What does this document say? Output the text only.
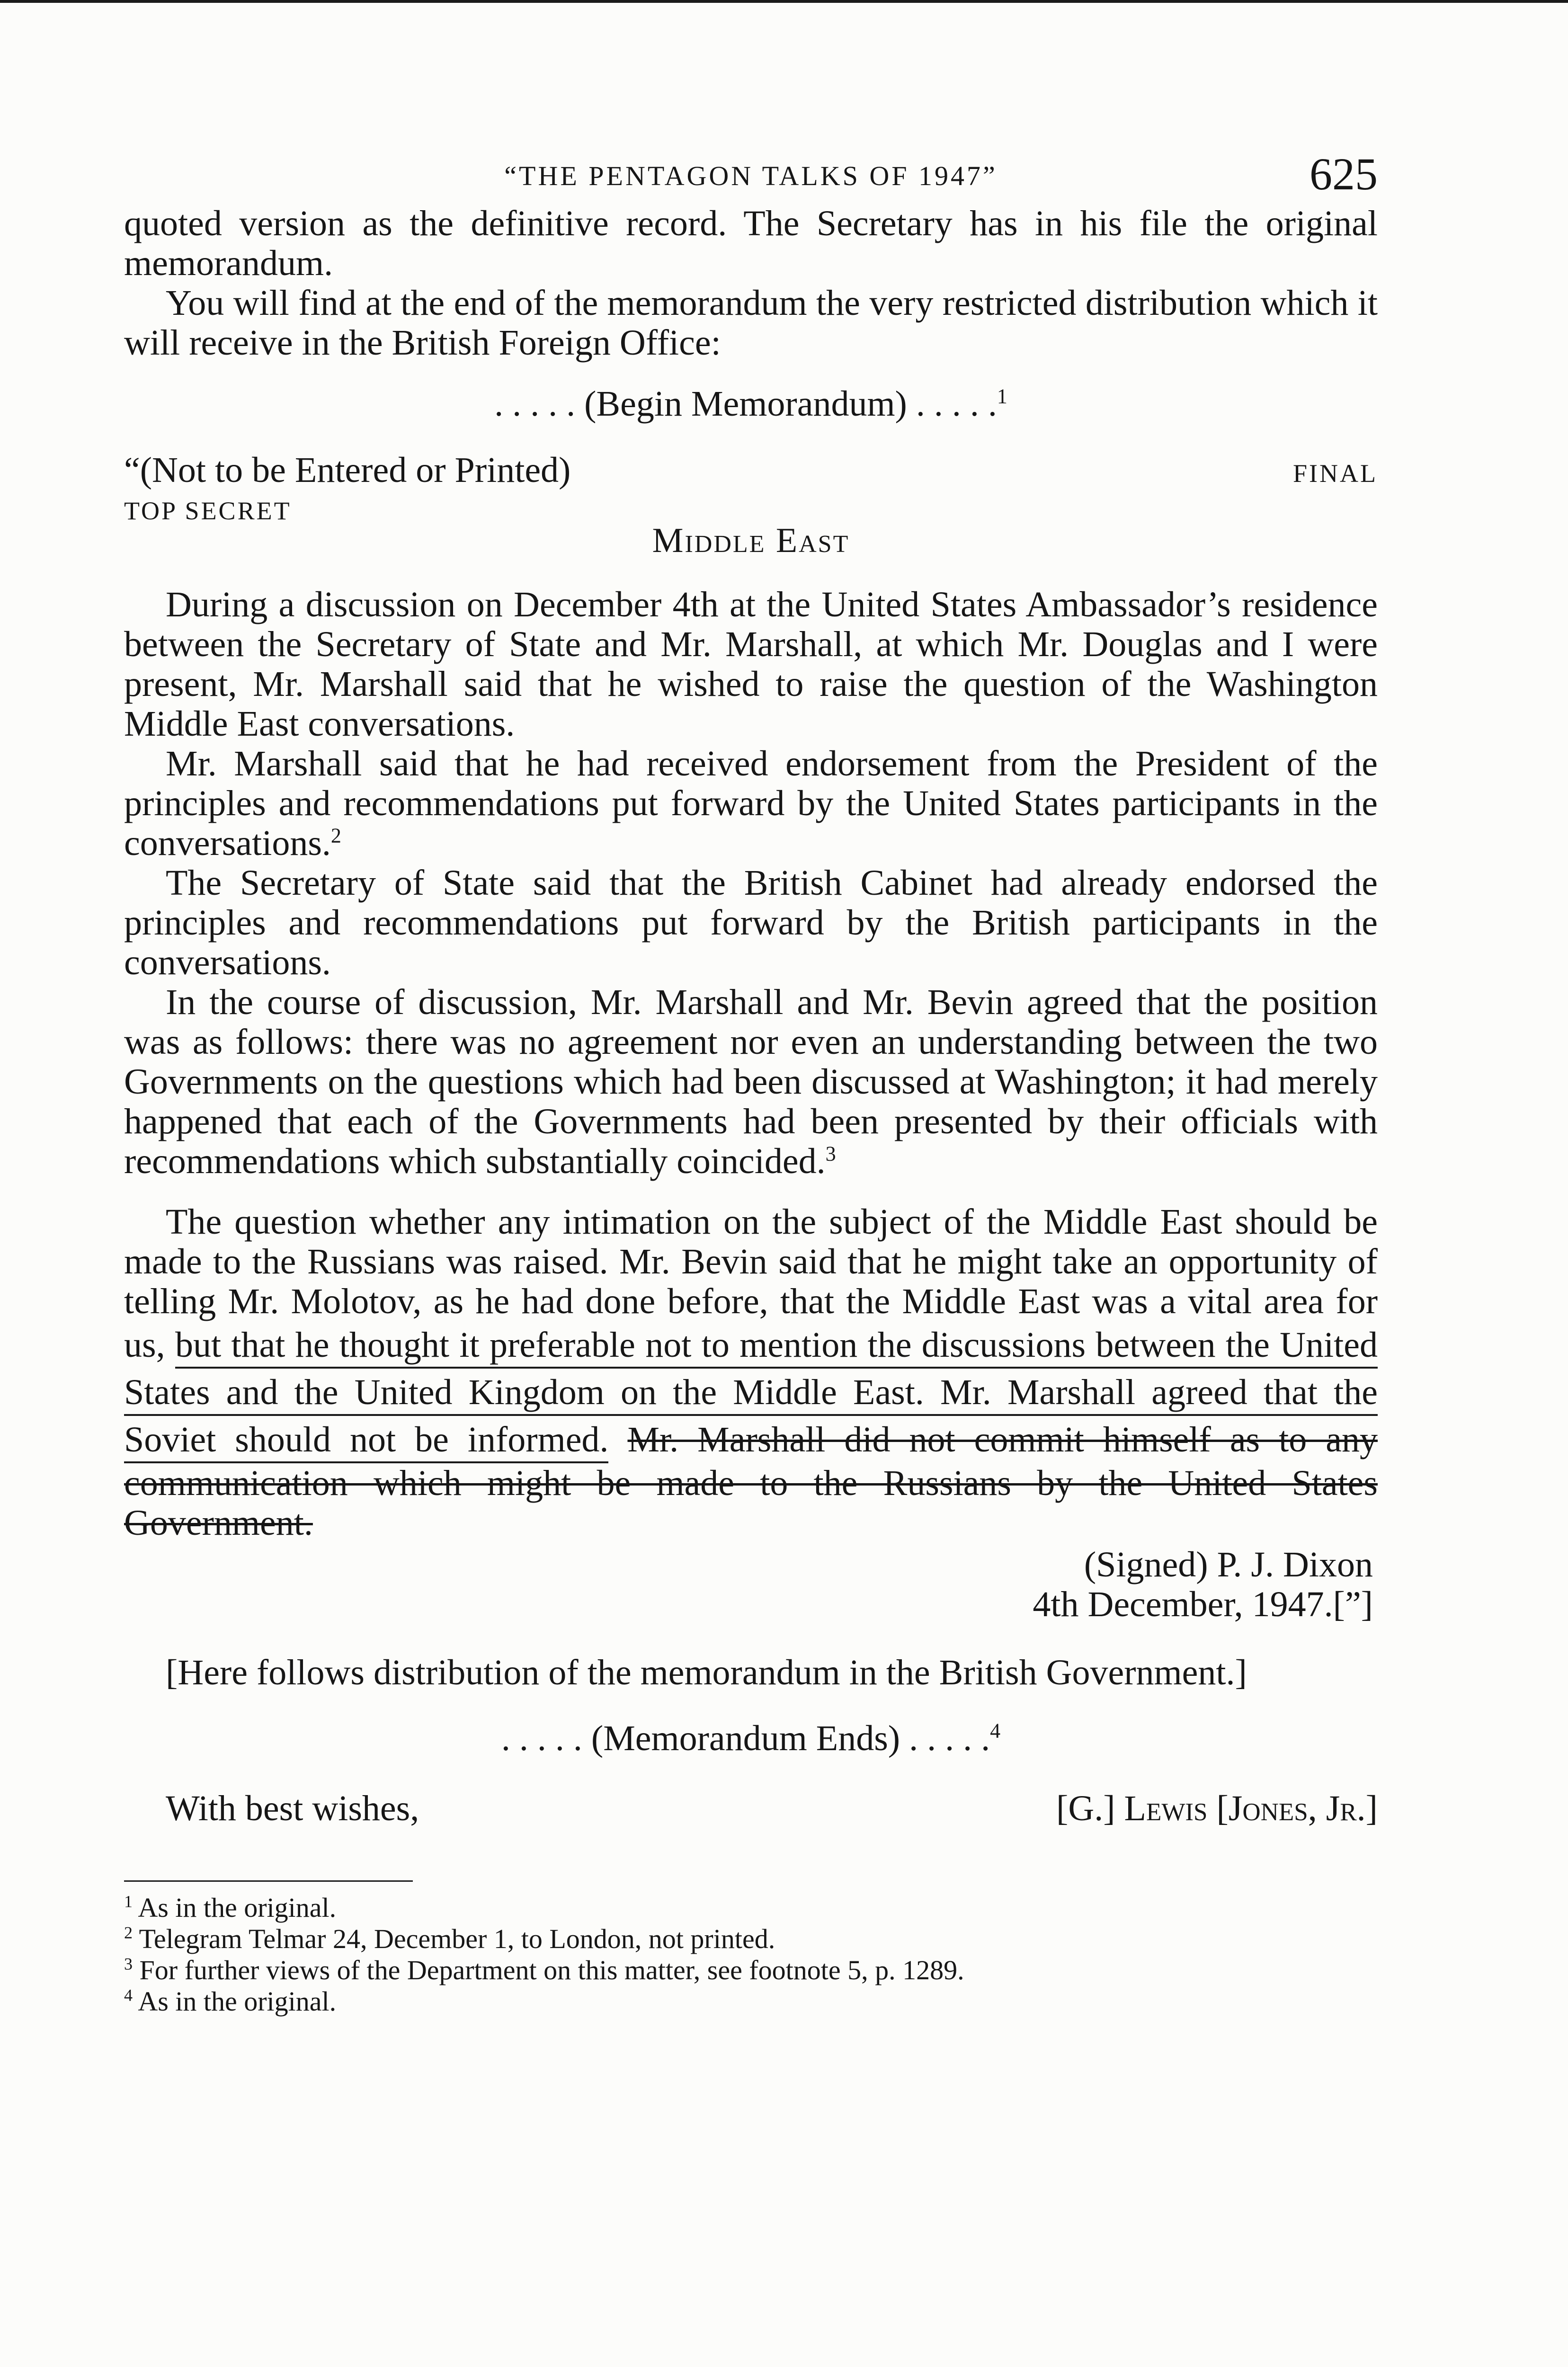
“THE PENTAGON TALKS OF 1947”	625

quoted version as the definitive record. The Secretary has in his file the original memorandum.

You will find at the end of the memorandum the very restricted distribution which it will receive in the British Foreign Office:

. . . . . (Begin Memorandum) . . . . .$^1$
“(Not to be Entered or Printed)	FINAL
TOP SECRET
Middle East

During a discussion on December 4th at the United States Ambassador’s residence between the Secretary of State and Mr. Marshall, at which Mr. Douglas and I were present, Mr. Marshall said that he wished to raise the question of the Washington Middle East conversations.

Mr. Marshall said that he had received endorsement from the President of the principles and recommendations put forward by the United States participants in the conversations.$^2$

The Secretary of State said that the British Cabinet had already endorsed the principles and recommendations put forward by the British participants in the conversations.

In the course of discussion, Mr. Marshall and Mr. Bevin agreed that the position was as follows: there was no agreement nor even an understanding between the two Governments on the questions which had been discussed at Washington; it had merely happened that each of the Governments had been presented by their officials with recommendations which substantially coincided.$^3$

The question whether any intimation on the subject of the Middle East should be made to the Russians was raised. Mr. Bevin said that he might take an opportunity of telling Mr. Molotov, as he had done before, that the Middle East was a vital area for us, but that he thought it preferable not to mention the discussions between the United States and the United Kingdom on the Middle East. Mr. Marshall agreed that the Soviet should not be informed. Mr. Marshall did not commit himself as to any communication which might be made to the Russians by the United States Government.

(Signed) P. J. Dixon
4th December, 1947.[”]

[Here follows distribution of the memorandum in the British Government.]

. . . . . (Memorandum Ends) . . . . .$^4$
With best wishes,	[G.] Lewis [Jones, Jr.]
$^1$ As in the original.
$^2$ Telegram Telmar 24, December 1, to London, not printed.
$^3$ For further views of the Department on this matter, see footnote 5, p. 1289.
$^4$ As in the original.
